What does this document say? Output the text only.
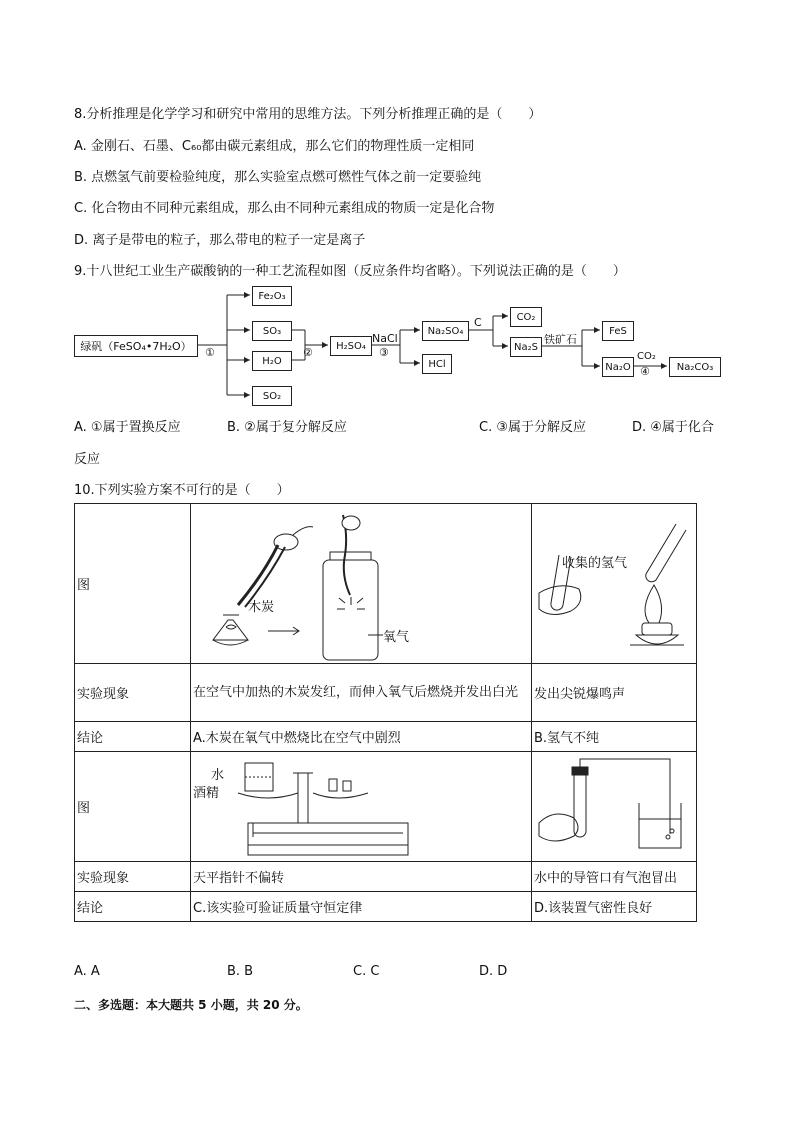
8.分析推理是化学学习和研究中常用的思维方法。下列分析推理正确的是（　　）
A. 金刚石、石墨、C₆₀都由碳元素组成，那么它们的物理性质一定相同
B. 点燃氢气前要检验纯度，那么实验室点燃可燃性气体之前一定要验纯
C. 化合物由不同种元素组成，那么由不同种元素组成的物质一定是化合物
D. 离子是带电的粒子，那么带电的粒子一定是离子
9.十八世纪工业生产碳酸钠的一种工艺流程如图（反应条件均省略）。下列说法正确的是（　　）
绿矾（FeSO₄•7H₂O）	①
Fe₂O₃
SO₃
H₂O
SO₂
②	H₂SO₄
NaCl
③
Na₂SO₄
HCl
C	CO₂
Na₂S
铁矿石
FeS
Na₂O
CO₂
④	Na₂CO₃
A. ①属于置换反应	B. ②属于复分解反应	C. ③属于分解反应	D. ④属于化合
反应
10.下列实验方案不可行的是（　　）
图	木炭
氧气	收集的氢气

实验现象	在空气中加热的木炭发红，而伸入氧气后燃烧并发出白光	发出尖锐爆鸣声
结论	A.木炭在氧气中燃烧比在空气中剧烈	B.氢气不纯
图	水
酒精

实验现象	天平指针不偏转	水中的导管口有气泡冒出
结论	C.该实验可验证质量守恒定律	D.该装置气密性良好
A. A	B. B	C. C	D. D
二、多选题：本大题共 5 小题，共 20 分。
